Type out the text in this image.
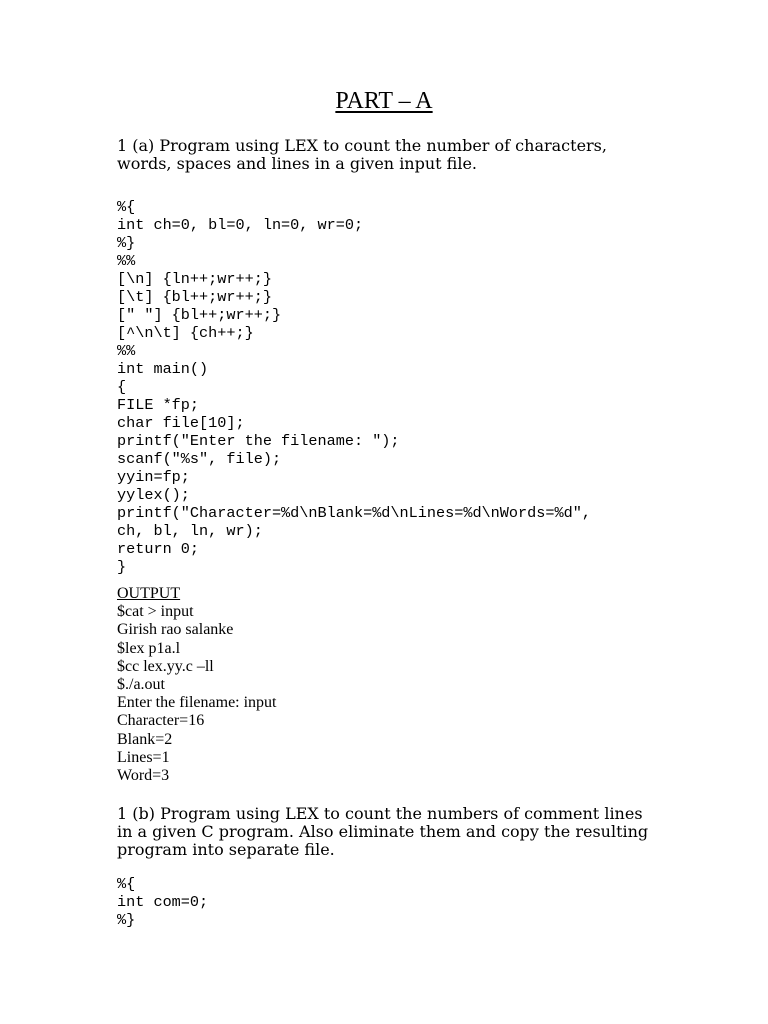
PART – A
1 (a) Program using LEX to count the number of characters,
words, spaces and lines in a given input file.
%{
int ch=0, bl=0, ln=0, wr=0;
%}
%%
[\n] {ln++;wr++;}
[\t] {bl++;wr++;}
[" "] {bl++;wr++;}
[^\n\t] {ch++;}
%%
int main()
{
FILE *fp;
char file[10];
printf("Enter the filename: ");
scanf("%s", file);
yyin=fp;
yylex();
printf("Character=%d\nBlank=%d\nLines=%d\nWords=%d",
ch, bl, ln, wr);
return 0;
}
OUTPUT
$cat > input
Girish rao salanke
$lex p1a.l
$cc lex.yy.c –ll
$./a.out
Enter the filename: input
Character=16
Blank=2
Lines=1
Word=3
1 (b) Program using LEX to count the numbers of comment lines
in a given C program. Also eliminate them and copy the resulting
program into separate file.
%{
int com=0;
%}
